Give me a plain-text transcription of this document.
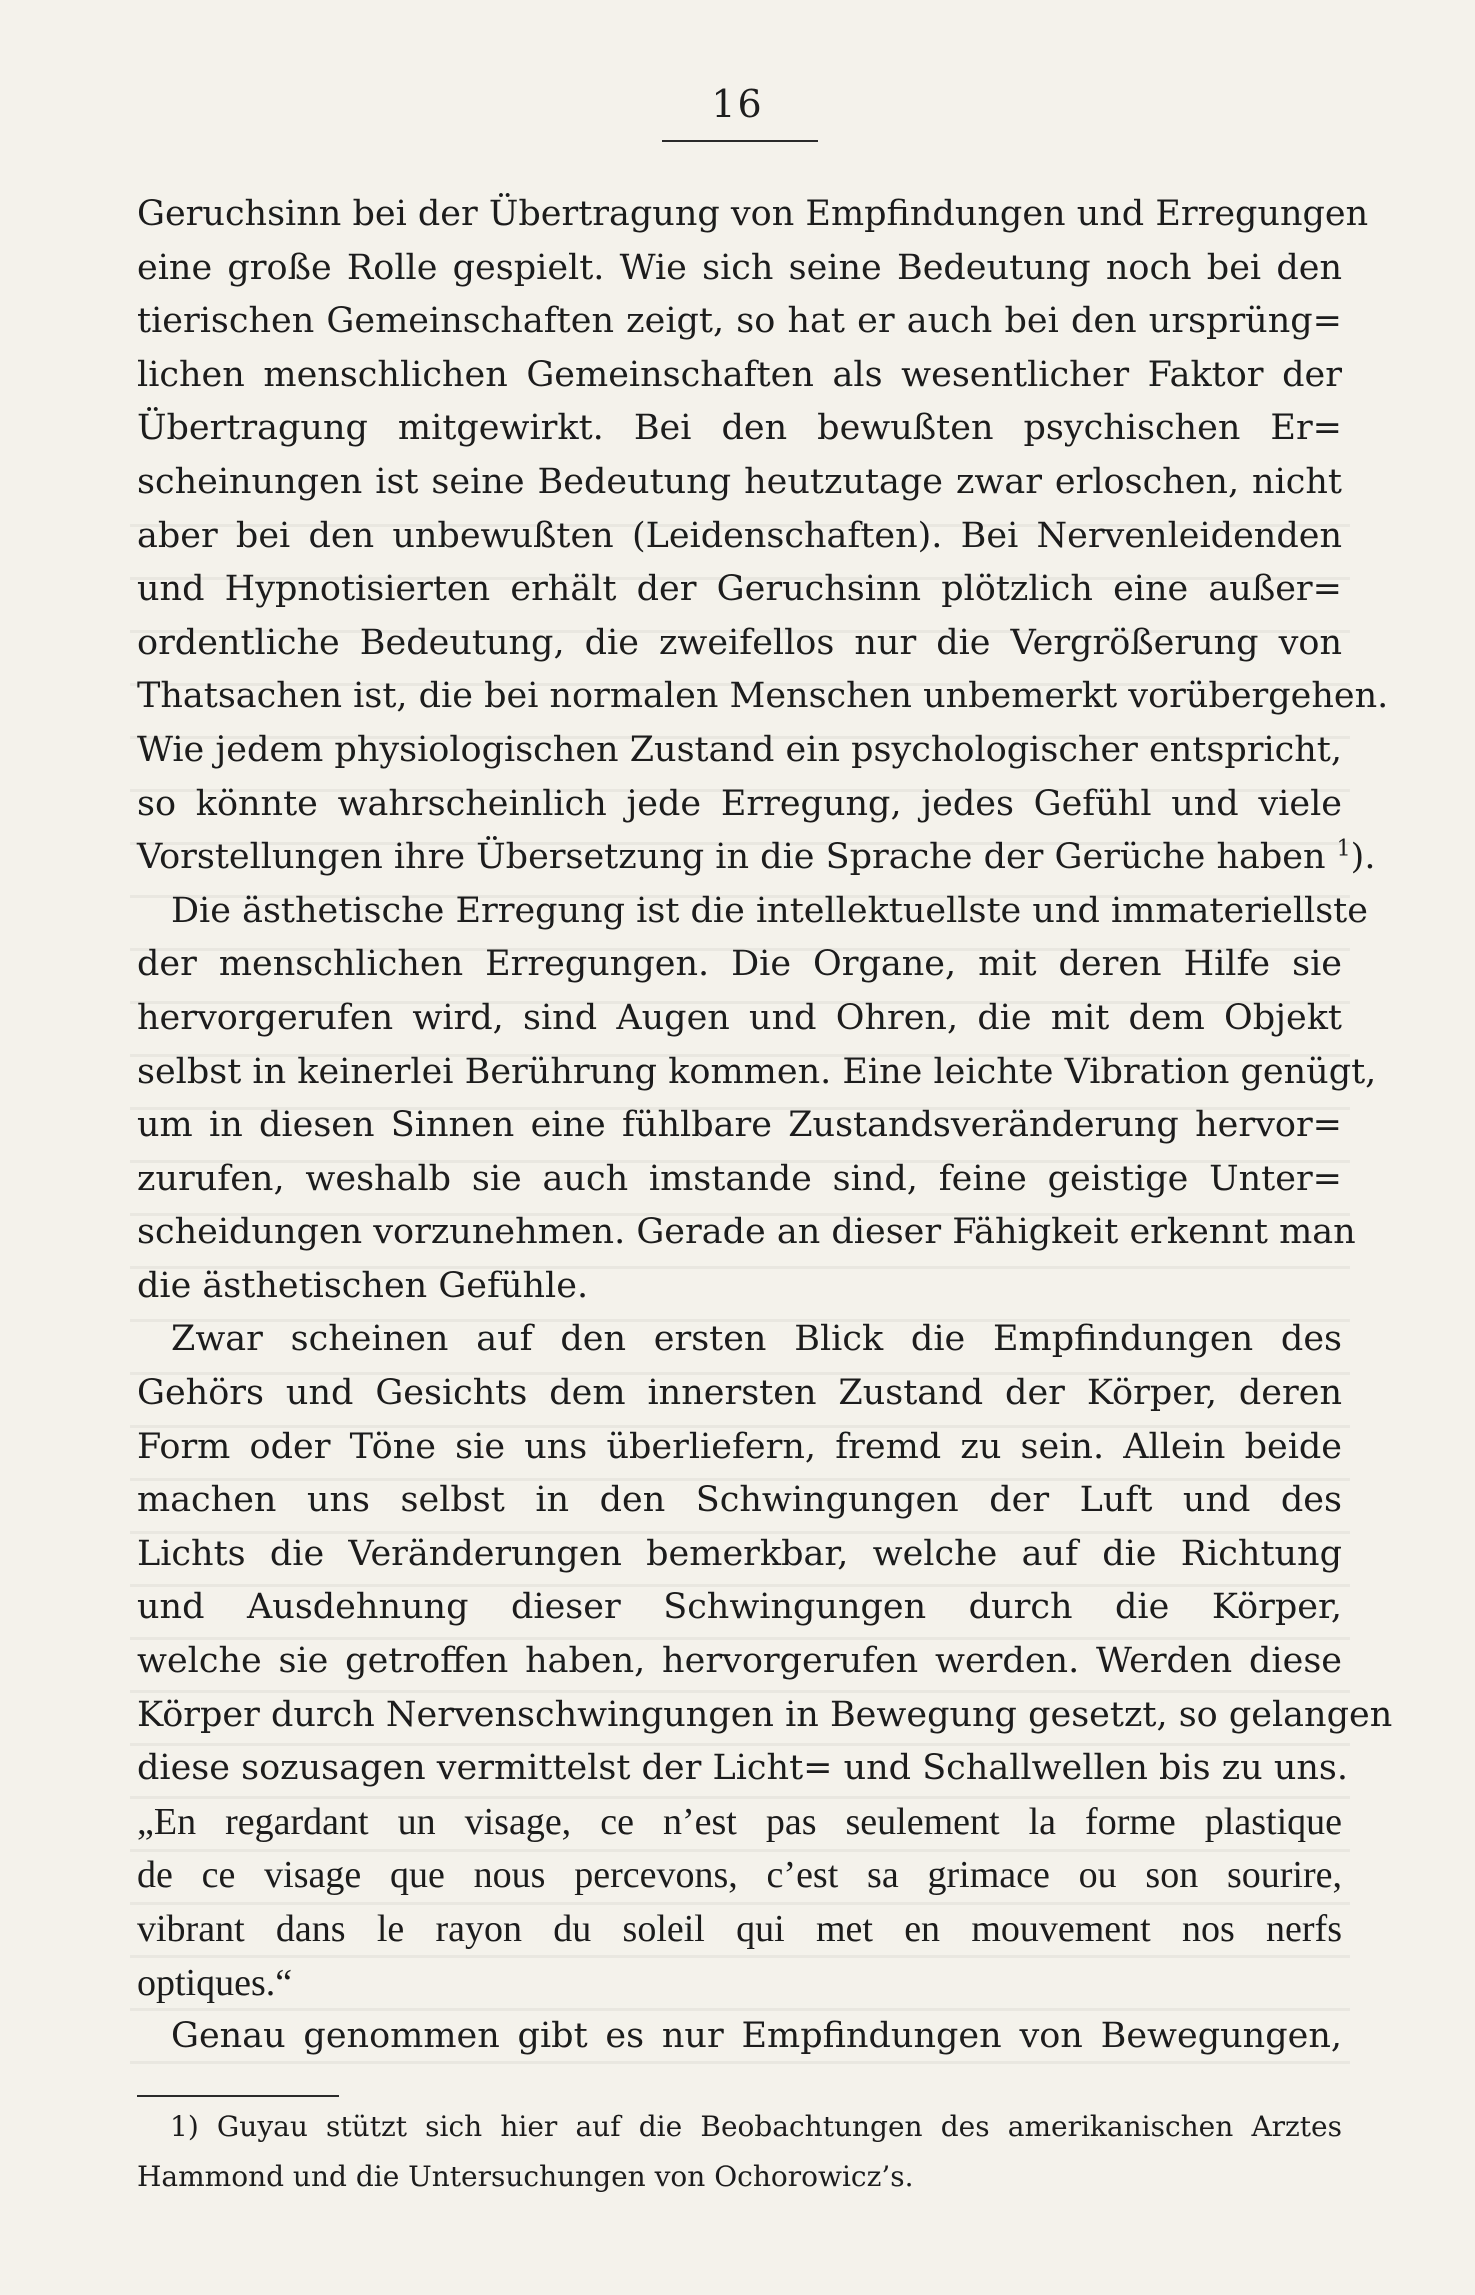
16
Geruchsinn bei der Übertragung von Empfindungen und Erregungen
eine große Rolle gespielt. Wie sich seine Bedeutung noch bei den
tierischen Gemeinschaften zeigt, so hat er auch bei den ursprüng=
lichen menschlichen Gemeinschaften als wesentlicher Faktor der
Übertragung mitgewirkt. Bei den bewußten psychischen Er=
scheinungen ist seine Bedeutung heutzutage zwar erloschen, nicht
aber bei den unbewußten (Leidenschaften). Bei Nervenleidenden
und Hypnotisierten erhält der Geruchsinn plötzlich eine außer=
ordentliche Bedeutung, die zweifellos nur die Vergrößerung von
Thatsachen ist, die bei normalen Menschen unbemerkt vorübergehen.
Wie jedem physiologischen Zustand ein psychologischer entspricht,
so könnte wahrscheinlich jede Erregung, jedes Gefühl und viele
Vorstellungen ihre Übersetzung in die Sprache der Gerüche haben $^1$).
Die ästhetische Erregung ist die intellektuellste und immateriellste
der menschlichen Erregungen. Die Organe, mit deren Hilfe sie
hervorgerufen wird, sind Augen und Ohren, die mit dem Objekt
selbst in keinerlei Berührung kommen. Eine leichte Vibration genügt,
um in diesen Sinnen eine fühlbare Zustandsveränderung hervor=
zurufen, weshalb sie auch imstande sind, feine geistige Unter=
scheidungen vorzunehmen. Gerade an dieser Fähigkeit erkennt man
die ästhetischen Gefühle.
Zwar scheinen auf den ersten Blick die Empfindungen des
Gehörs und Gesichts dem innersten Zustand der Körper, deren
Form oder Töne sie uns überliefern, fremd zu sein. Allein beide
machen uns selbst in den Schwingungen der Luft und des
Lichts die Veränderungen bemerkbar, welche auf die Richtung
und Ausdehnung dieser Schwingungen durch die Körper,
welche sie getroffen haben, hervorgerufen werden. Werden diese
Körper durch Nervenschwingungen in Bewegung gesetzt, so gelangen
diese sozusagen vermittelst der Licht= und Schallwellen bis zu uns.
„En regardant un visage, ce n’est pas seulement la forme plastique
de ce visage que nous percevons, c’est sa grimace ou son sourire,
vibrant dans le rayon du soleil qui met en mouvement nos nerfs
optiques.“
Genau genommen gibt es nur Empfindungen von Bewegungen,
1) Guyau stützt sich hier auf die Beobachtungen des amerikanischen Arztes
Hammond und die Untersuchungen von Ochorowicz’s.
